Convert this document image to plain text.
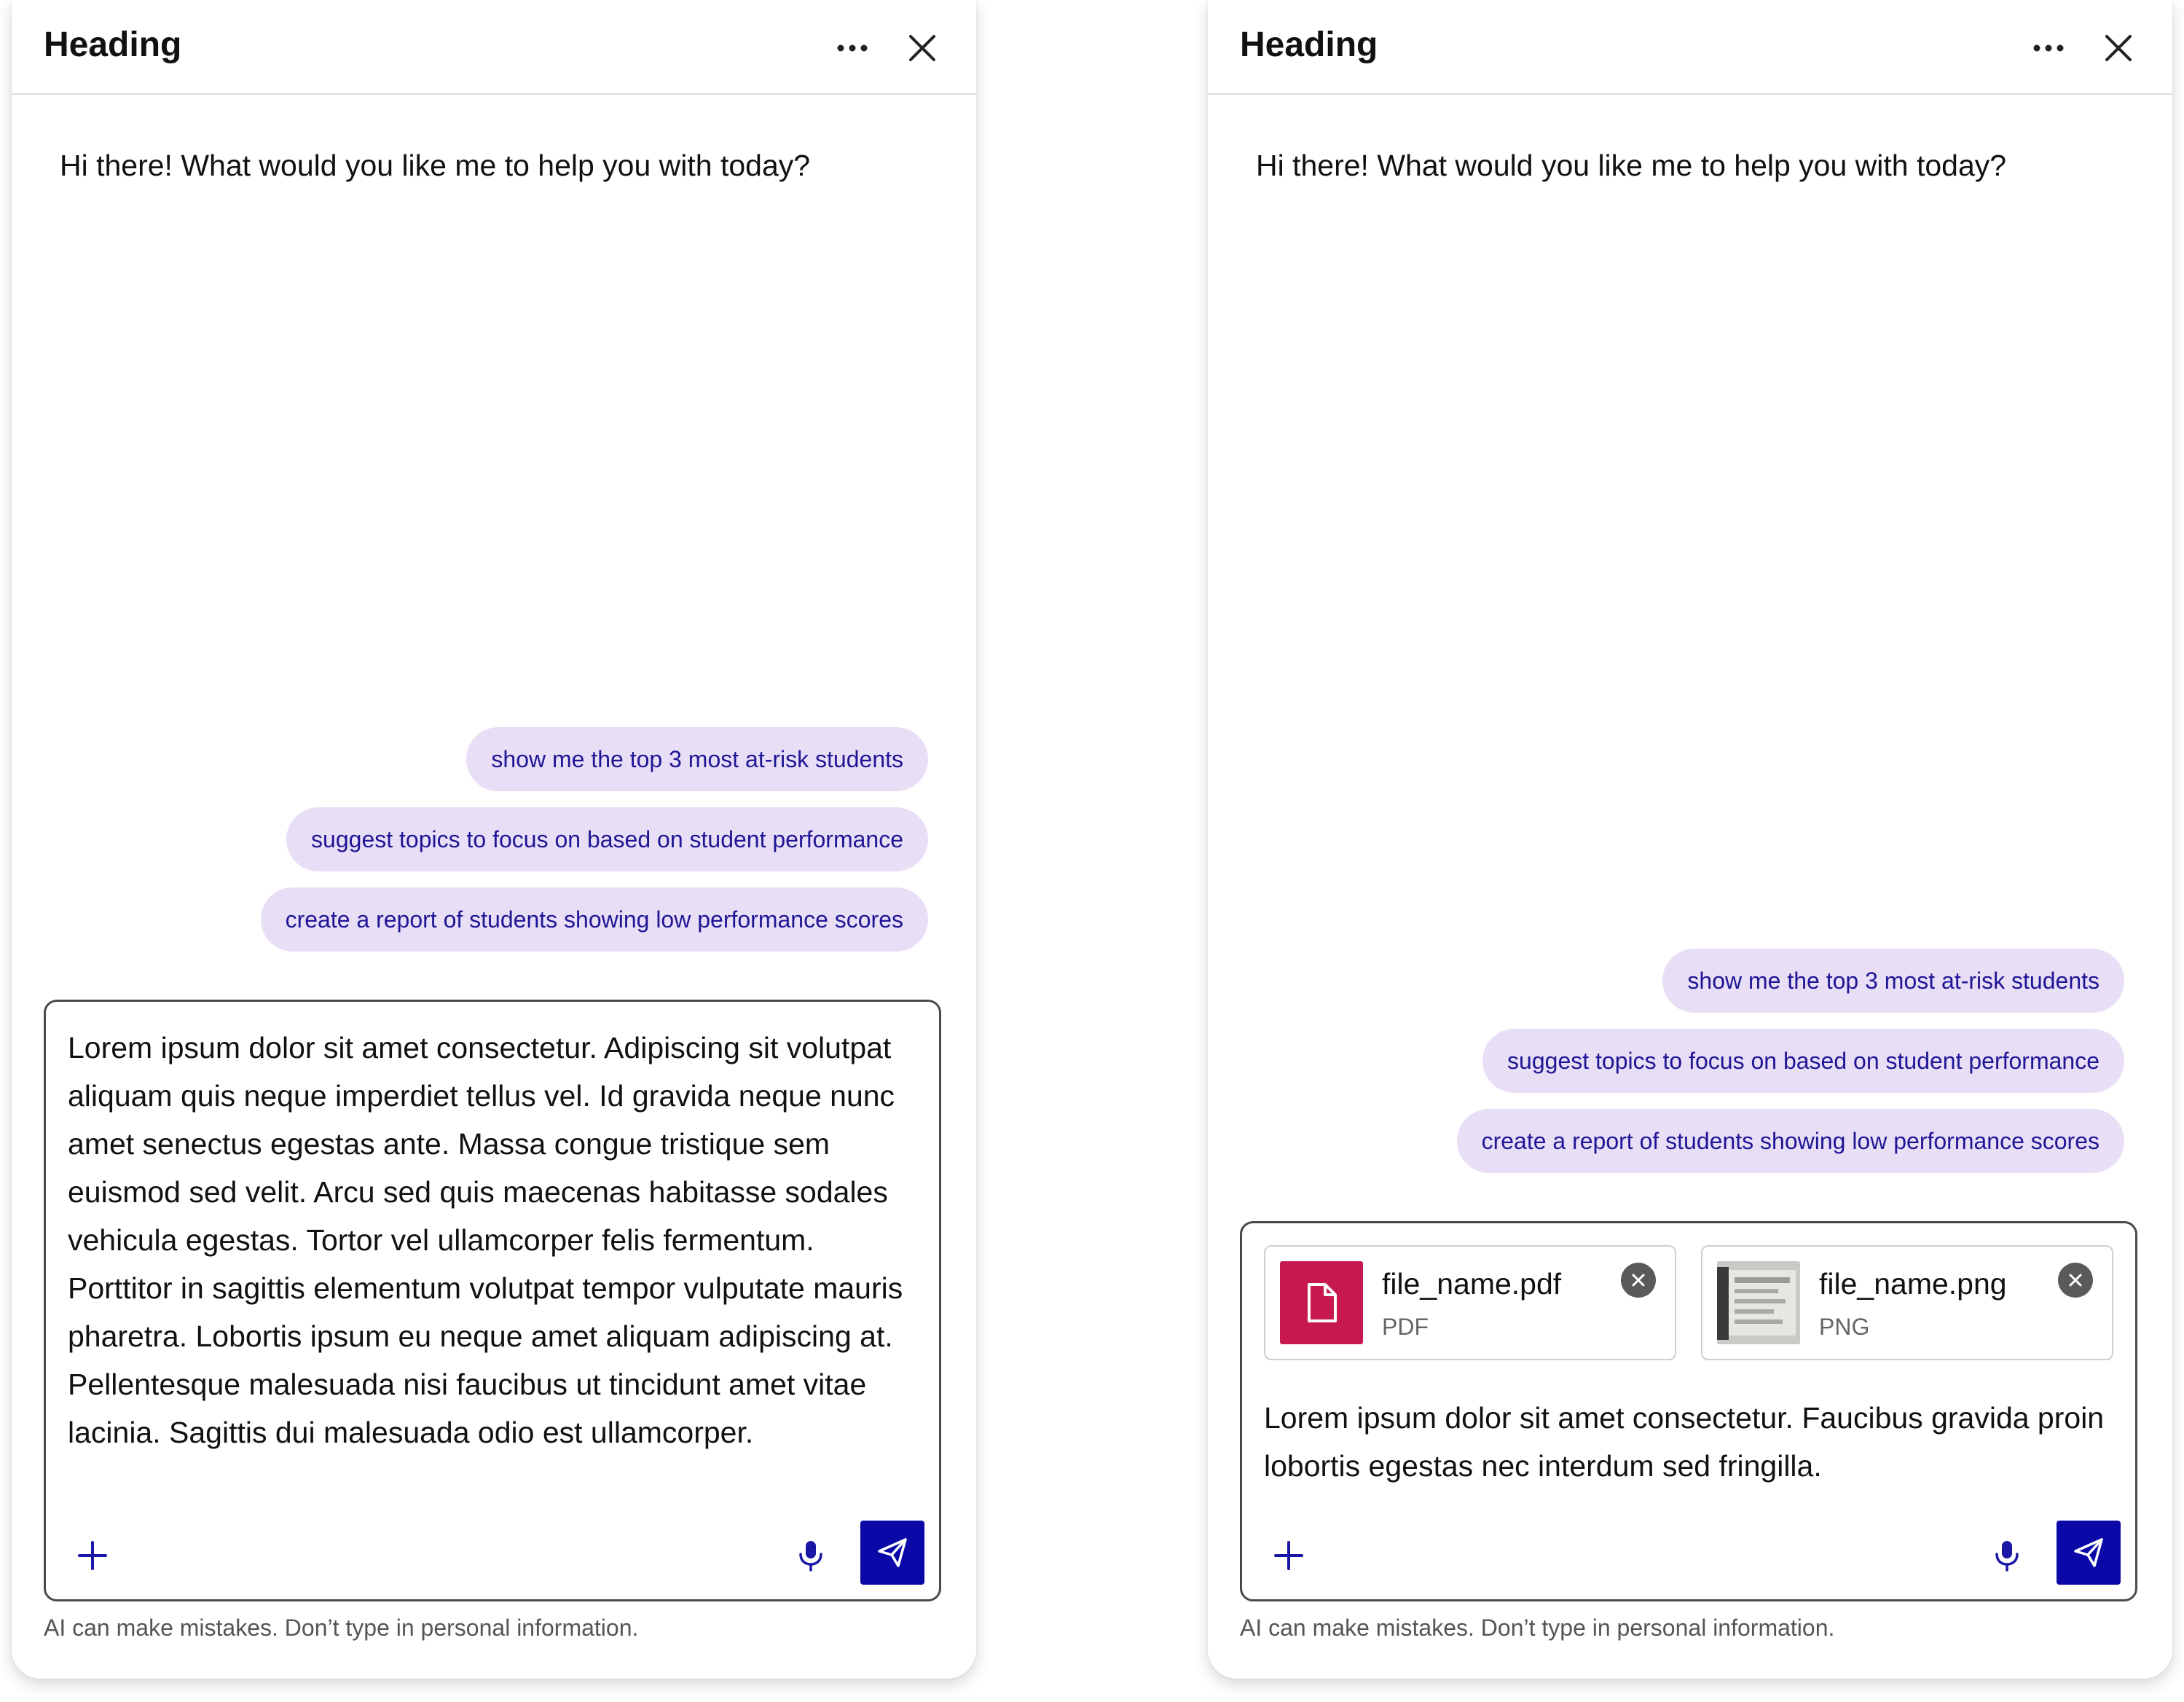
Heading
Hi there! What would you like me to help you with today?
show me the top 3 most at-risk students
suggest topics to focus on based on student performance
create a report of students showing low performance scores
Lorem ipsum dolor sit amet consectetur. Adipiscing sit volutpat aliquam quis neque imperdiet tellus vel. Id gravida neque nunc amet senectus egestas ante. Massa congue tristique sem euismod sed velit. Arcu sed quis maecenas habitasse sodales vehicula egestas. Tortor vel ullamcorper felis fermentum. Porttitor in sagittis elementum volutpat tempor vulputate mauris pharetra. Lobortis ipsum eu neque amet aliquam adipiscing at. Pellentesque malesuada nisi faucibus ut tincidunt amet vitae lacinia. Sagittis dui malesuada odio est ullamcorper.
AI can make mistakes. Don’t type in personal information.
Heading
Hi there! What would you like me to help you with today?
show me the top 3 most at-risk students
suggest topics to focus on based on student performance
create a report of students showing low performance scores
file_name.pdf
PDF
file_name.png
PNG
Lorem ipsum dolor sit amet consectetur. Faucibus gravida proin lobortis egestas nec interdum sed fringilla.
AI can make mistakes. Don’t type in personal information.
